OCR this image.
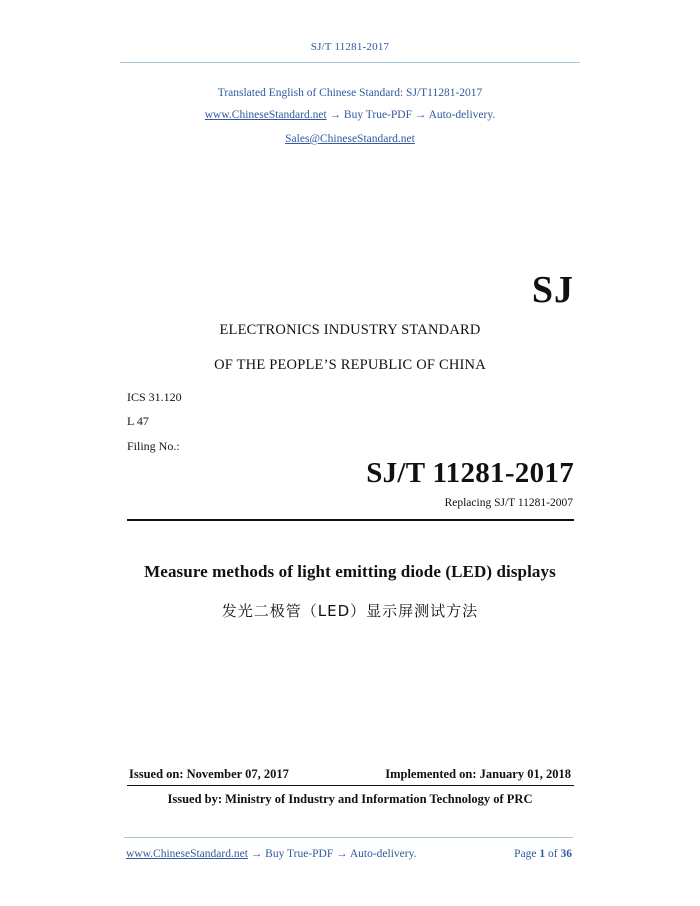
SJ/T 11281-2017
Translated English of Chinese Standard: SJ/T11281-2017
www.ChineseStandard.net → Buy True-PDF → Auto-delivery.
Sales@ChineseStandard.net
SJ
ELECTRONICS INDUSTRY STANDARD
OF THE PEOPLE’S REPUBLIC OF CHINA
ICS 31.120
L 47
Filing No.:
SJ/T 11281-2017
Replacing SJ/T 11281-2007
Measure methods of light emitting diode (LED) displays
发光二极管（LED）显示屏测试方法
Issued on: November 07, 2017	Implemented on: January 01, 2018
Issued by: Ministry of Industry and Information Technology of PRC
www.ChineseStandard.net → Buy True-PDF → Auto-delivery.	Page 1 of 36
